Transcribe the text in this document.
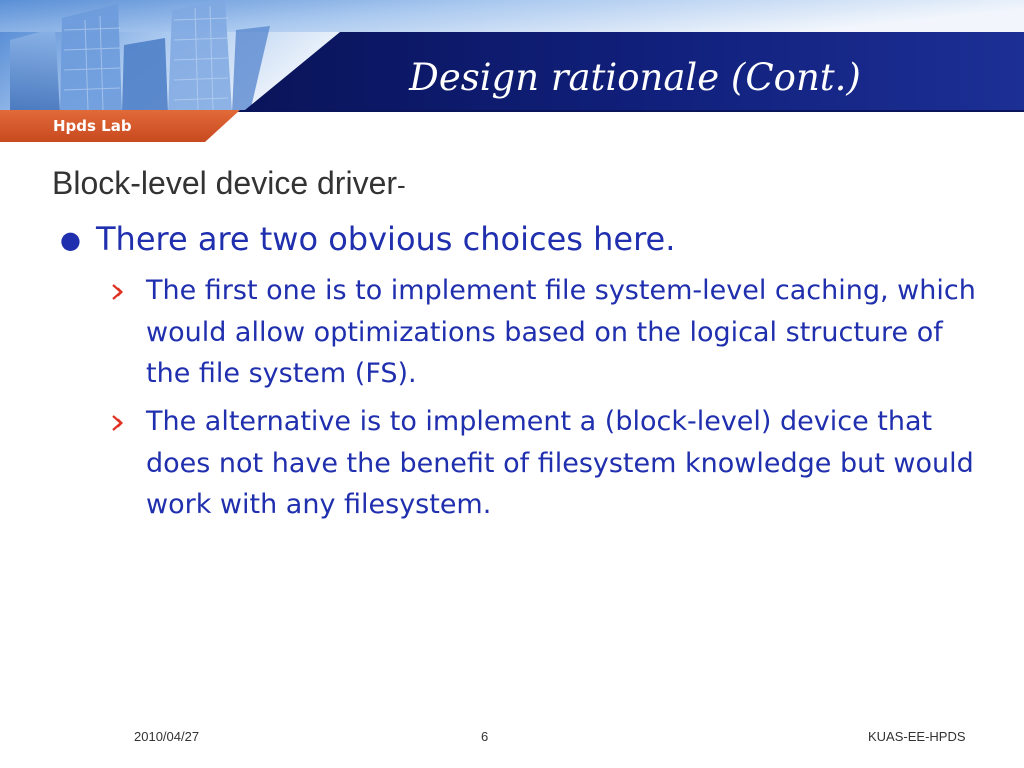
Design rationale (Cont.)
Hpds Lab
Block-level device driver-
● There are two obvious choices here.
The first one is to implement file system-level caching, which would allow optimizations based on the logical structure of the file system (FS).
The alternative is to implement a (block-level) device that does not have the benefit of filesystem knowledge but would work with any filesystem.
2010/04/27	6	KUAS-EE-HPDS
